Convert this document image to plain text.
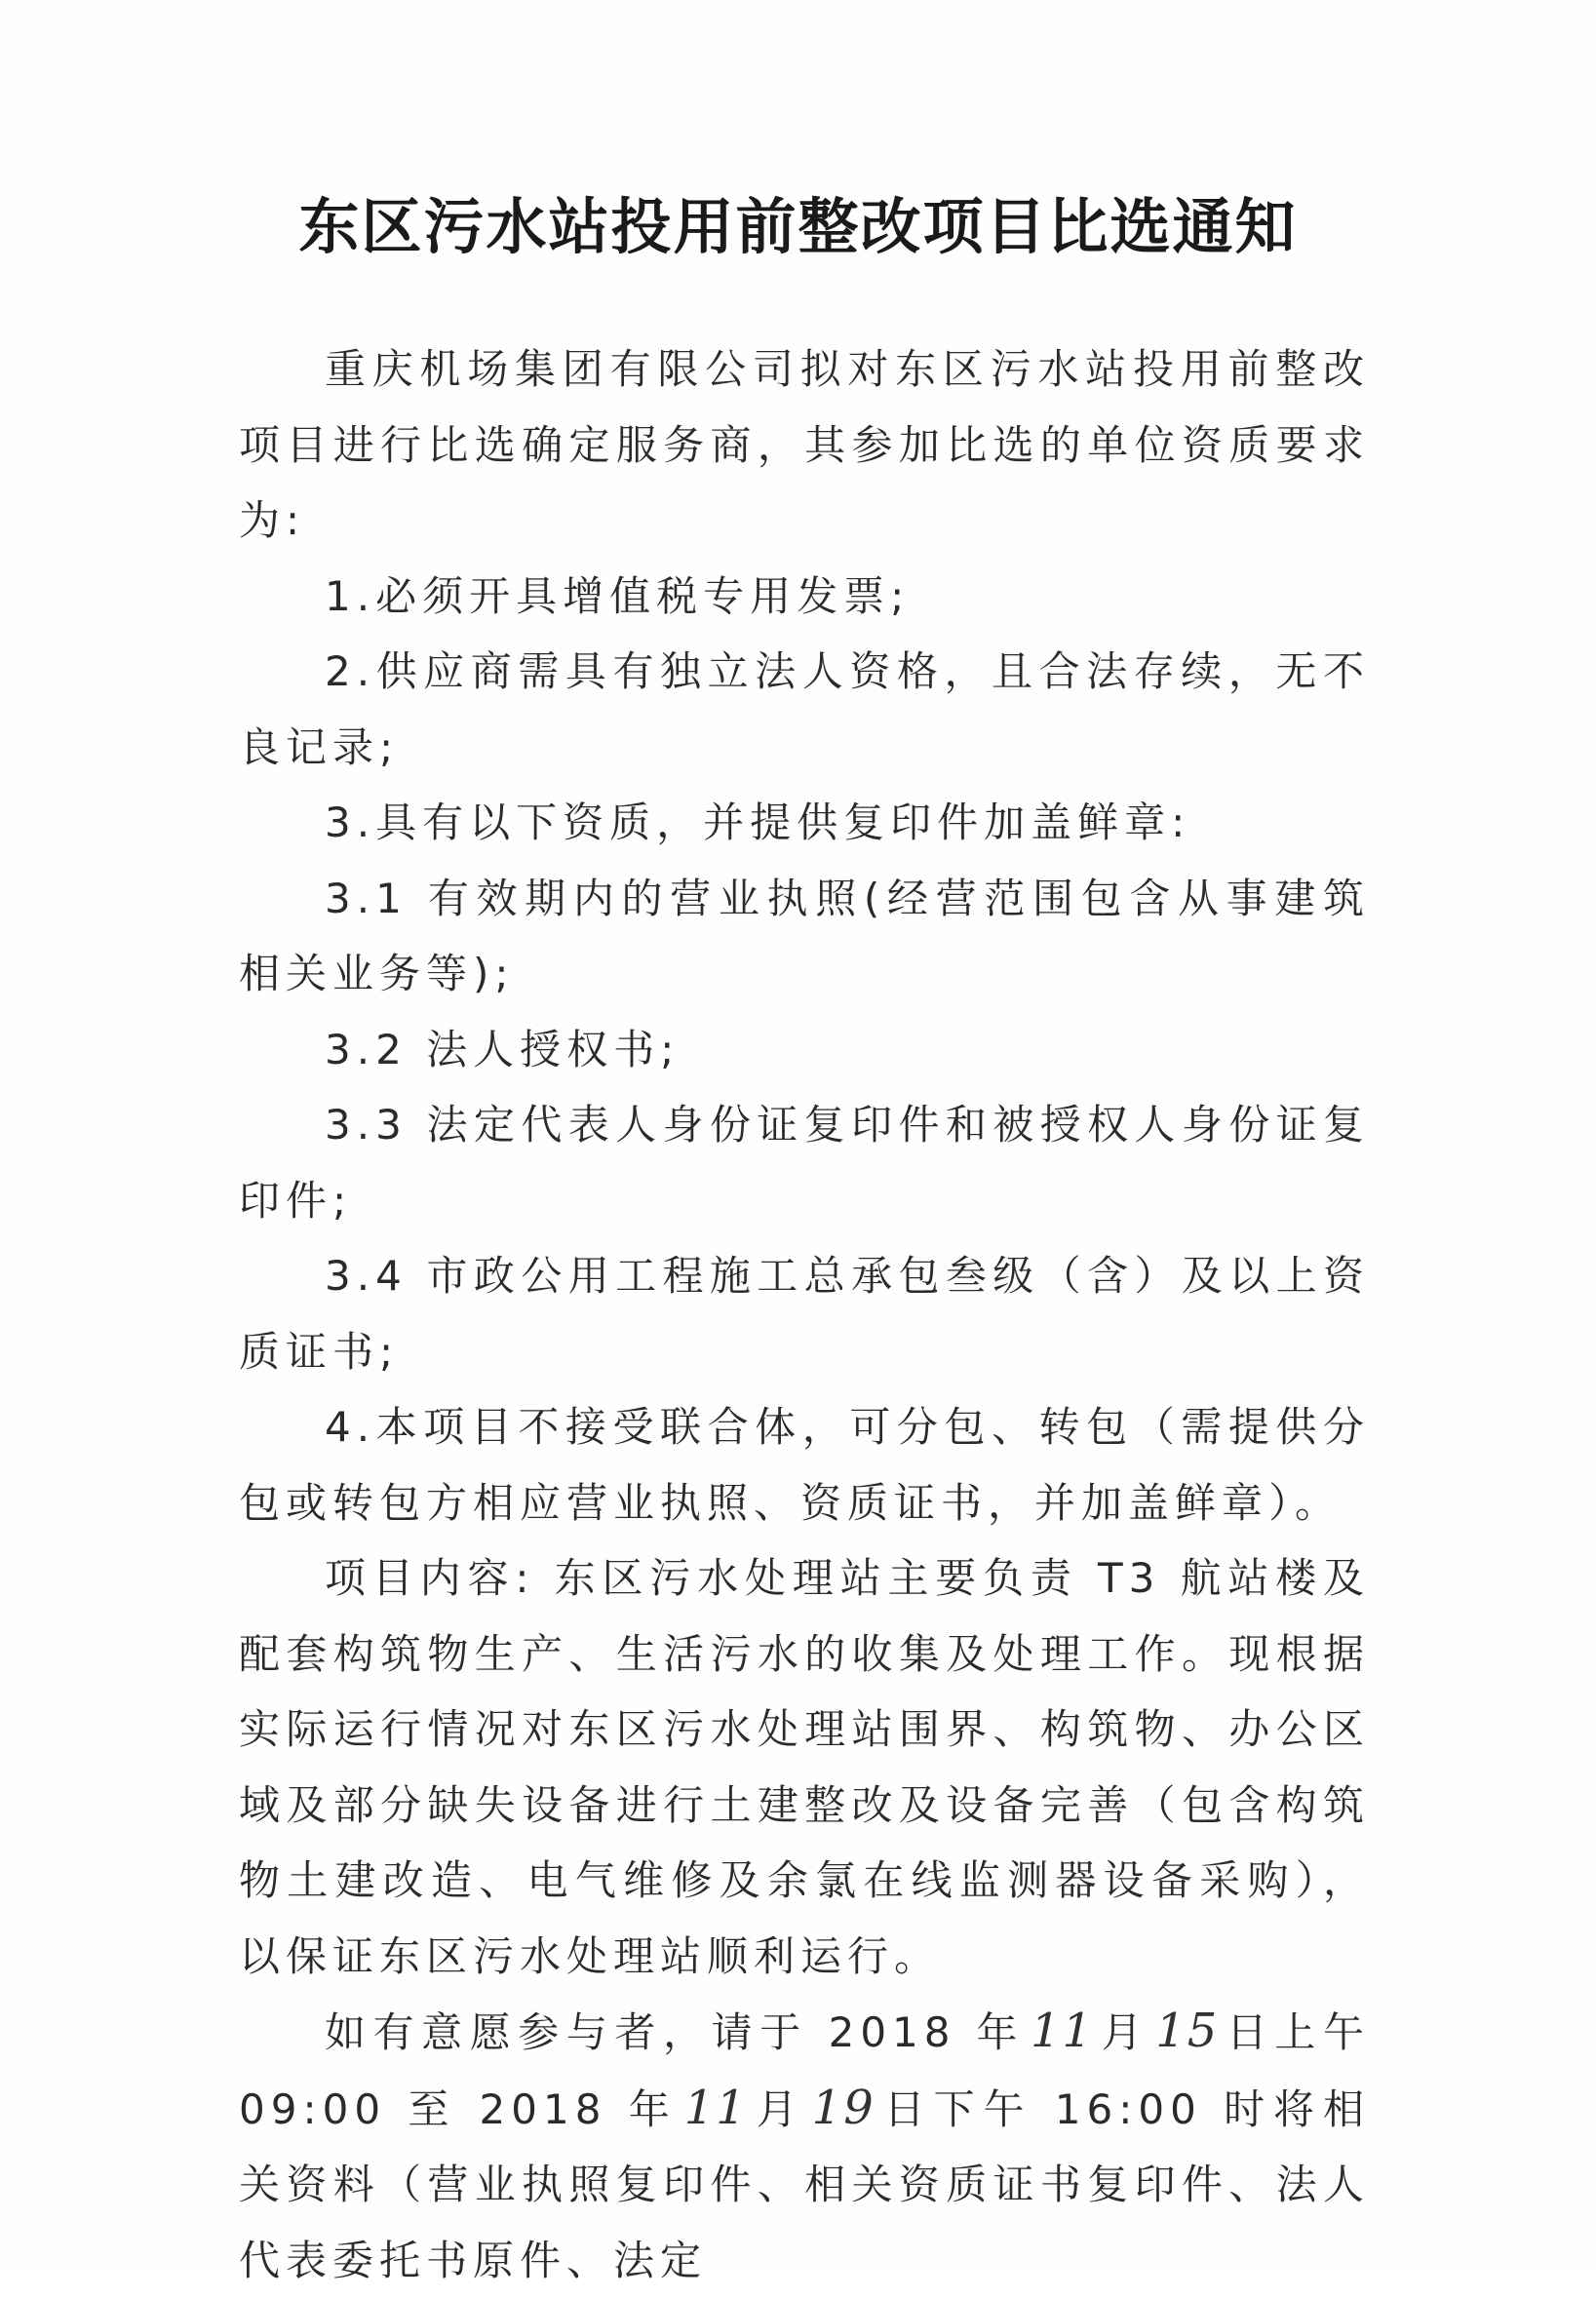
东区污水站投用前整改项目比选通知

重庆机场集团有限公司拟对东区污水站投用前整改项目进行比选确定服务商，其参加比选的单位资质要求为:

1.必须开具增值税专用发票;

2.供应商需具有独立法人资格，且合法存续，无不良记录;

3.具有以下资质，并提供复印件加盖鲜章:

3.1 有效期内的营业执照(经营范围包含从事建筑相关业务等);

3.2 法人授权书;

3.3 法定代表人身份证复印件和被授权人身份证复印件;

3.4 市政公用工程施工总承包叁级（含）及以上资质证书;

4.本项目不接受联合体，可分包、转包（需提供分包或转包方相应营业执照、资质证书，并加盖鲜章）。

项目内容: 东区污水处理站主要负责 T3 航站楼及配套构筑物生产、生活污水的收集及处理工作。现根据实际运行情况对东区污水处理站围界、构筑物、办公区域及部分缺失设备进行土建整改及设备完善（包含构筑物土建改造、电气维修及余氯在线监测器设备采购），以保证东区污水处理站顺利运行。

如有意愿参与者，请于 2018 年 11 月 15 日上午 09:00 至 2018 年 11 月 19 日下午 16:00 时将相关资料（营业执照复印件、相关资质证书复印件、法人代表委托书原件、法定
